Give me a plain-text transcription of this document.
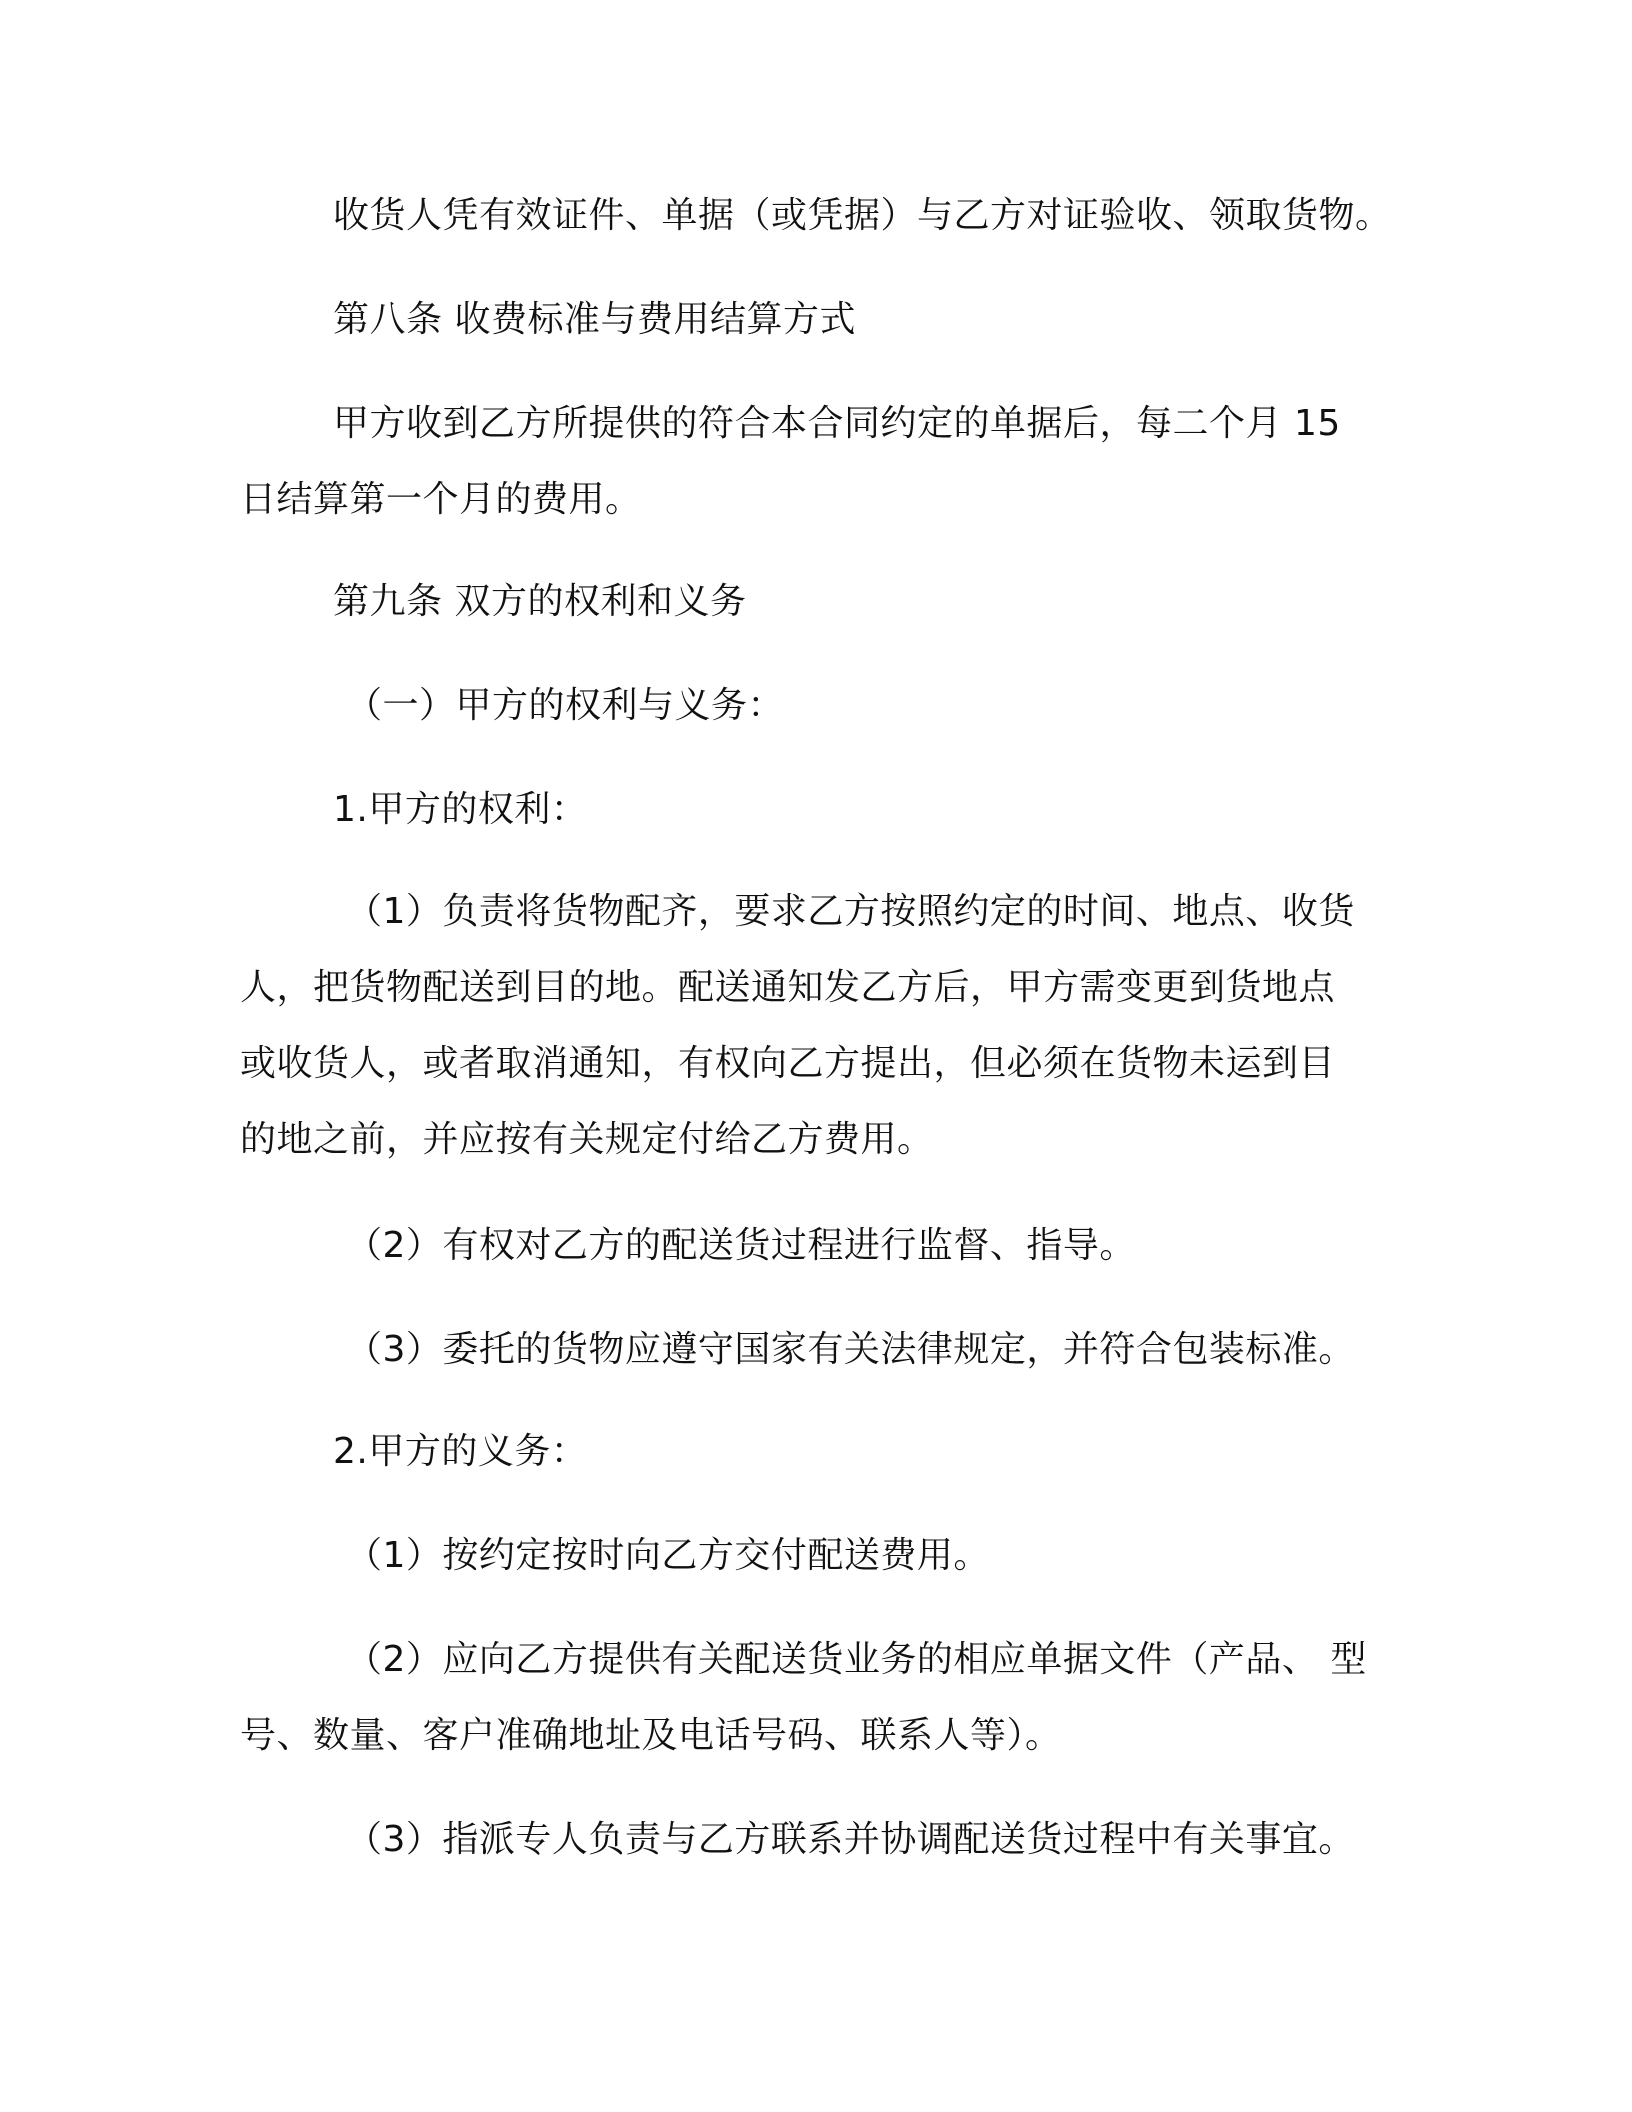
收货人凭有效证件、单据（或凭据）与乙方对证验收、领取货物。
第八条 收费标准与费用结算方式
甲方收到乙方所提供的符合本合同约定的单据后，每二个月 15
日结算第一个月的费用。
第九条 双方的权利和义务
（一）甲方的权利与义务：
1.甲方的权利：
（1）负责将货物配齐，要求乙方按照约定的时间、地点、收货
人，把货物配送到目的地。配送通知发乙方后，甲方需变更到货地点
或收货人，或者取消通知，有权向乙方提出，但必须在货物未运到目
的地之前，并应按有关规定付给乙方费用。
（2）有权对乙方的配送货过程进行监督、指导。
（3）委托的货物应遵守国家有关法律规定，并符合包装标准。
2.甲方的义务：
（1）按约定按时向乙方交付配送费用。
（2）应向乙方提供有关配送货业务的相应单据文件（产品、 型
号、数量、客户准确地址及电话号码、联系人等）。
（3）指派专人负责与乙方联系并协调配送货过程中有关事宜。
